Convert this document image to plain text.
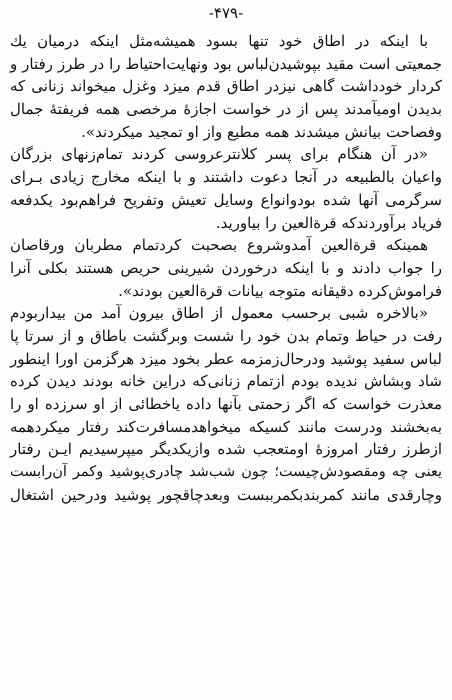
-۴۷۹-
با اینکه در اطاق خود تنها بسود همیشه‌مثل اینکه درمیان یك
جمعیتی است مقید بپوشیدن‌لباس بود ونهایت‌احتیاط را در طرز رفتار و
کردار خودداشت گاهی نیزدر اطاق قدم میزد وغزل میخواند زنانی که
بدیدن اومیآمدند پس از در خواست اجازهٔ مرخصی همه فریفتهٔ جمال
وفصاحت بیانش میشدند همه مطیع واز او تمجید میکردند».
«در آن هنگام برای پسر کلانترعروسی کردند تمام‌زنهای بزرگان
واعیان بالطبیعه در آنجا دعوت داشتند و با اینکه مخارج زیادی بـرای
سرگرمی آنها شده بودوانواع وسایل تعیش وتفریح فراهم‌بود یکدفعه
فریاد برآوردندکه قرةالعین را بیاورید.
همینکه قرةالعین آمدوشروع بصحبت کردتمام مطربان ورقاصان
را جواب دادند و با اینکه درخوردن شیرینی حریص هستند بکلی آنرا
فراموش‌کرده دقیقانه متوجه بیانات قرةالعین بودند».
«بالاخره شبی برحسب معمول از اطاق بیرون آمد من بیداربودم
رفت در حیاط وتمام بدن خود را شست وبرگشت باطاق و از سرتا پا
لباس سفید پوشید ودرحال‌زمزمه عطر بخود میزد هرگزمن اورا اینطور
شاد وبشاش ندیده بودم ازتمام زنانی‌که دراین خانه بودند دیدن کرده
معذرت خواست که اگر زحمتی بآنها داده یاخطائی از او سرزده او را
به‌بخشند ودرست مانند کسیکه میخواهدمسافرت‌کند رفتار میکردهمه
ازطرز رفتار امروزهٔ اومتعجب شده وازیکدیگر میپرسیدیم ایـن رفتار
یعنی چه ومقصودش‌چیست؛ چون شب‌شد چادری‌پوشید وکمر آن‌رابست
وچارقدی مانند کمربندبکمرببست وبعدچاقچور پوشید ودرحین اشتغال
